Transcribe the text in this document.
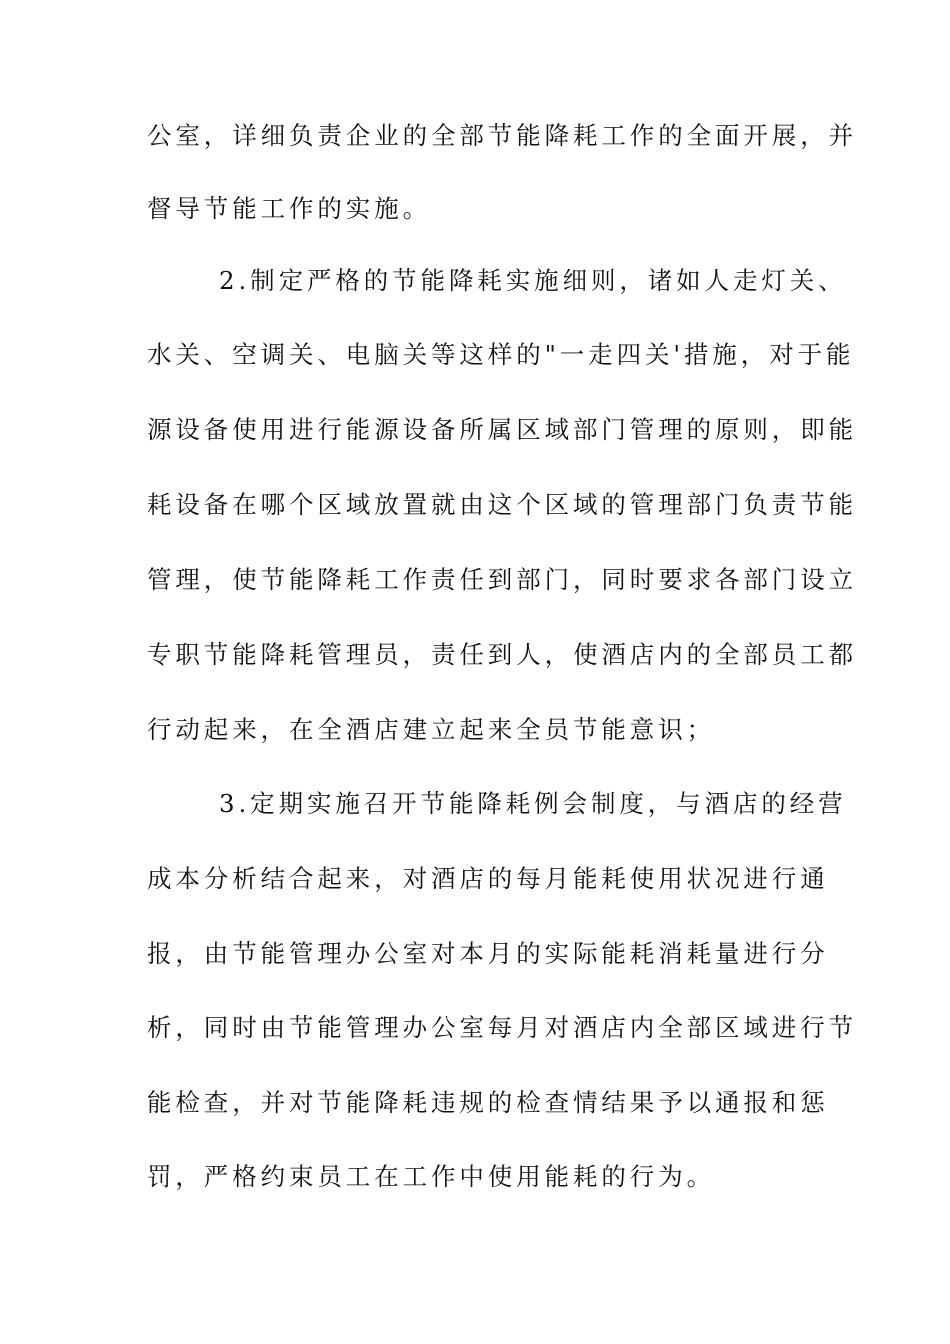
公室，详细负责企业的全部节能降耗工作的全面开展，并
督导节能工作的实施。
2.制定严格的节能降耗实施细则，诸如人走灯关、
水关、空调关、电脑关等这样的"一走四关'措施，对于能
源设备使用进行能源设备所属区域部门管理的原则，即能
耗设备在哪个区域放置就由这个区域的管理部门负责节能
管理，使节能降耗工作责任到部门，同时要求各部门设立
专职节能降耗管理员，责任到人，使酒店内的全部员工都
行动起来，在全酒店建立起来全员节能意识；
3.定期实施召开节能降耗例会制度，与酒店的经营
成本分析结合起来，对酒店的每月能耗使用状况进行通
报，由节能管理办公室对本月的实际能耗消耗量进行分
析，同时由节能管理办公室每月对酒店内全部区域进行节
能检查，并对节能降耗违规的检查情结果予以通报和惩
罚，严格约束员工在工作中使用能耗的行为。
